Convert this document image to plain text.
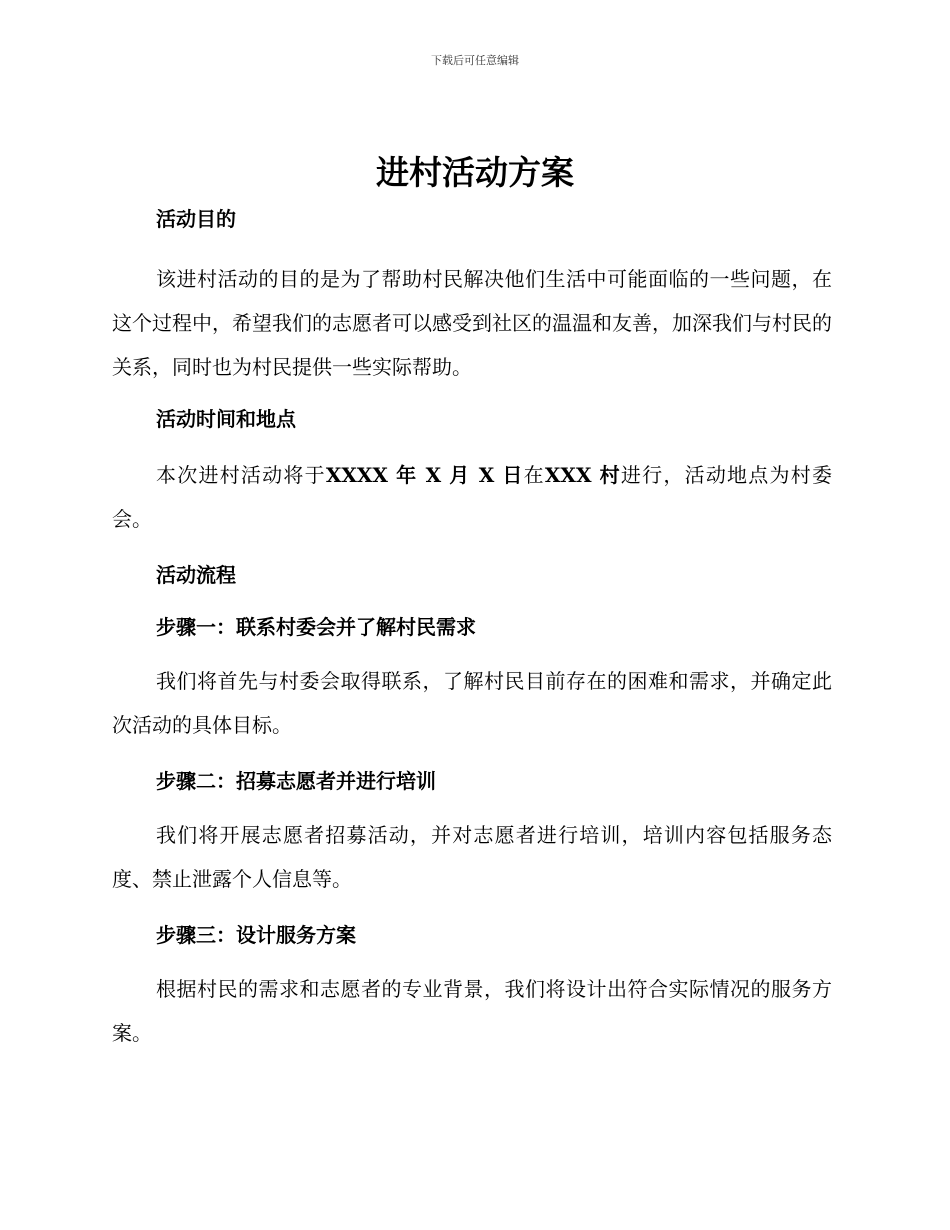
下载后可任意编辑
进村活动方案

活动目的

该进村活动的目的是为了帮助村民解决他们生活中可能面临的一些问题，在这个过程中，希望我们的志愿者可以感受到社区的温温和友善，加深我们与村民的关系，同时也为村民提供一些实际帮助。

活动时间和地点

本次进村活动将于XXXX 年 X 月 X 日在XXX 村进行，活动地点为村委会。

活动流程

步骤一：联系村委会并了解村民需求

我们将首先与村委会取得联系，了解村民目前存在的困难和需求，并确定此次活动的具体目标。

步骤二：招募志愿者并进行培训

我们将开展志愿者招募活动，并对志愿者进行培训，培训内容包括服务态度、禁止泄露个人信息等。

步骤三：设计服务方案

根据村民的需求和志愿者的专业背景，我们将设计出符合实际情况的服务方案。
